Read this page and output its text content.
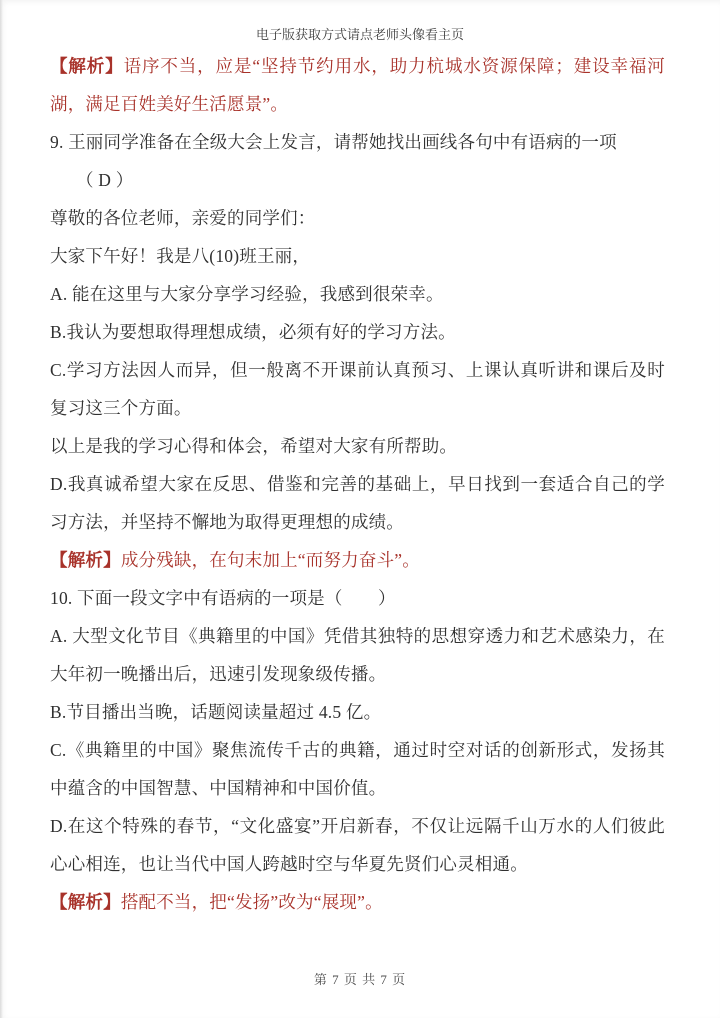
电子版获取方式请点老师头像看主页

【解析】语序不当，应是“坚持节约用水，助力杭城水资源保障；建设幸福河湖，满足百姓美好生活愿景”。

9. 王丽同学准备在全级大会上发言，请帮她找出画线各句中有语病的一项

（ D ）

尊敬的各位老师，亲爱的同学们：

大家下午好！我是八(10)班王丽，

A. 能在这里与大家分享学习经验，我感到很荣幸。

B.我认为要想取得理想成绩，必须有好的学习方法。

C.学习方法因人而异，但一般离不开课前认真预习、上课认真听讲和课后及时复习这三个方面。

以上是我的学习心得和体会，希望对大家有所帮助。

D.我真诚希望大家在反思、借鉴和完善的基础上，早日找到一套适合自己的学习方法，并坚持不懈地为取得更理想的成绩。

【解析】成分残缺，在句末加上“而努力奋斗”。

10. 下面一段文字中有语病的一项是（　　）

A. 大型文化节目《典籍里的中国》凭借其独特的思想穿透力和艺术感染力，在大年初一晚播出后，迅速引发现象级传播。

B.节目播出当晚，话题阅读量超过 4.5 亿。

C.《典籍里的中国》聚焦流传千古的典籍，通过时空对话的创新形式，发扬其中蕴含的中国智慧、中国精神和中国价值。

D.在这个特殊的春节，“文化盛宴”开启新春，不仅让远隔千山万水的人们彼此心心相连，也让当代中国人跨越时空与华夏先贤们心灵相通。

【解析】搭配不当，把“发扬”改为“展现”。

第 7 页 共 7 页
